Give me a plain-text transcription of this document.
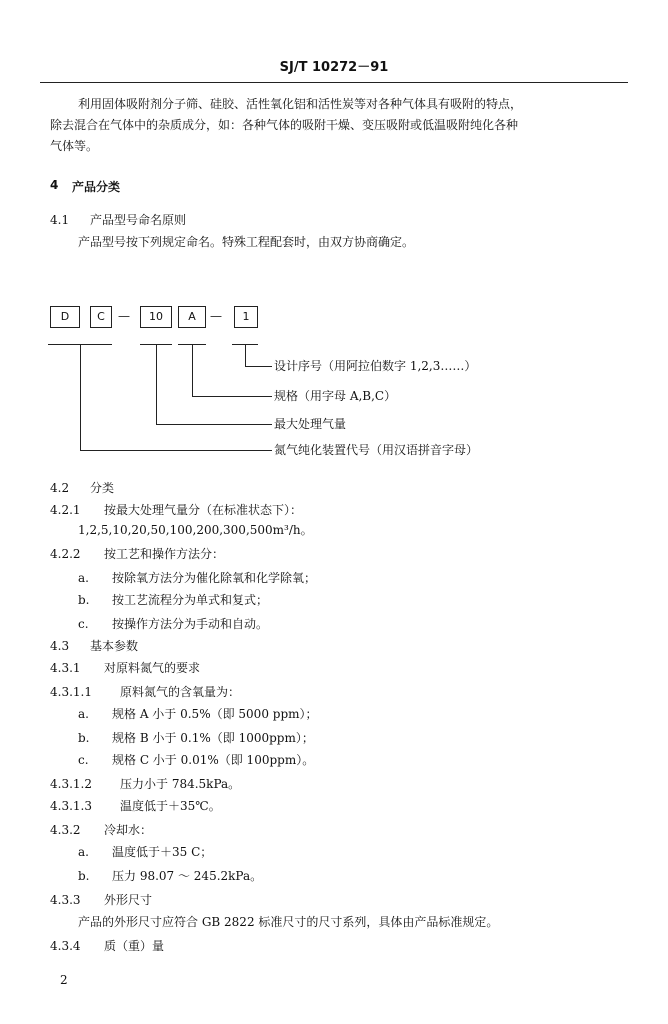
SJ/T 10272－91
利用固体吸附剂分子筛、硅胶、活性氧化铝和活性炭等对各种气体具有吸附的特点，
除去混合在气体中的杂质成分，如：各种气体的吸附干燥、变压吸附或低温吸附纯化各种
气体等。
4 产品分类
4.1 产品型号命名原则
产品型号按下列规定命名。特殊工程配套时，由双方协商确定。
D	C	—	10	A	—	1
设计序号（用阿拉伯数字 1,2,3……）
规格（用字母 A,B,C）
最大处理气量
氮气纯化装置代号（用汉语拼音字母）
4.2 分类
4.2.1 按最大处理气量分（在标准状态下）：
1,2,5,10,20,50,100,200,300,500m³/h。
4.2.2 按工艺和操作方法分：
a. 按除氧方法分为催化除氧和化学除氧；
b. 按工艺流程分为单式和复式；
c. 按操作方法分为手动和自动。
4.3 基本参数
4.3.1 对原料氮气的要求
4.3.1.1 原料氮气的含氧量为：
a. 规格 A 小于 0.5%（即 5000 ppm）；
b. 规格 B 小于 0.1%（即 1000ppm）；
c. 规格 C 小于 0.01%（即 100ppm）。
4.3.1.2 压力小于 784.5kPa。
4.3.1.3 温度低于＋35℃。
4.3.2 冷却水：
a. 温度低于＋35 C；
b. 压力 98.07 ～ 245.2kPa。
4.3.3 外形尺寸
产品的外形尺寸应符合 GB 2822 标准尺寸的尺寸系列，具体由产品标准规定。
4.3.4 质（重）量
2
